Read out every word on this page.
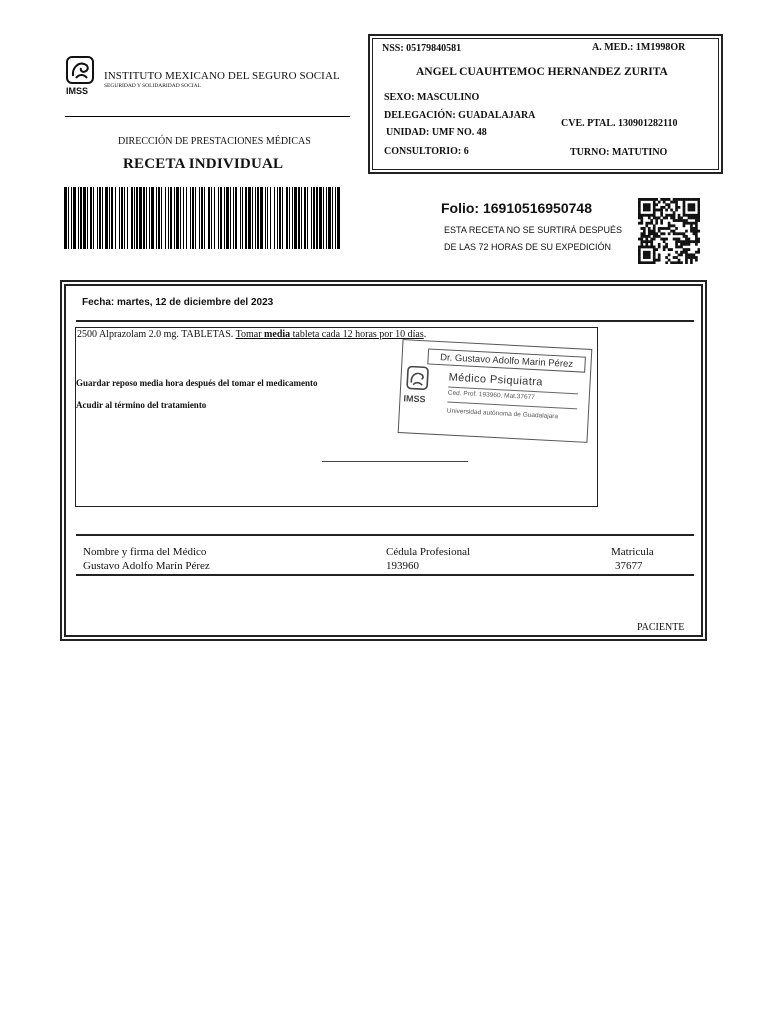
IMSS
INSTITUTO MEXICANO DEL SEGURO SOCIAL
SEGURIDAD Y SOLIDARIDAD SOCIAL
DIRECCIÓN DE PRESTACIONES MÉDICAS
RECETA INDIVIDUAL
NSS: 05179840581	A. MED.: 1M1998OR
ANGEL CUAUHTEMOC HERNANDEZ ZURITA
SEXO: MASCULINO
DELEGACIÓN: GUADALAJARA
CVE. PTAL. 130901282110
UNIDAD: UMF NO. 48
CONSULTORIO: 6	TURNO: MATUTINO
Folio: 16910516950748
ESTA RECETA NO SE SURTIRÁ DESPUÉS
DE LAS 72 HORAS DE SU EXPEDICIÓN
Fecha: martes, 12 de diciembre del 2023
2500 Alprazolam 2.0 mg. TABLETAS. Tomar media tableta cada 12 horas por 10 días.
Guardar reposo media hora después del tomar el medicamento
Acudir al término del tratamiento
Dr. Gustavo Adolfo Marin Pérez
Médico Psiquiatra
Ced. Prof. 193960, Mat.37677
Universidad autónoma de Guadalajara
IMSS
Nombre y firma del Médico
Gustavo Adolfo Marín Pérez
Cédula Profesional
193960
Matricula
37677
PACIENTE
